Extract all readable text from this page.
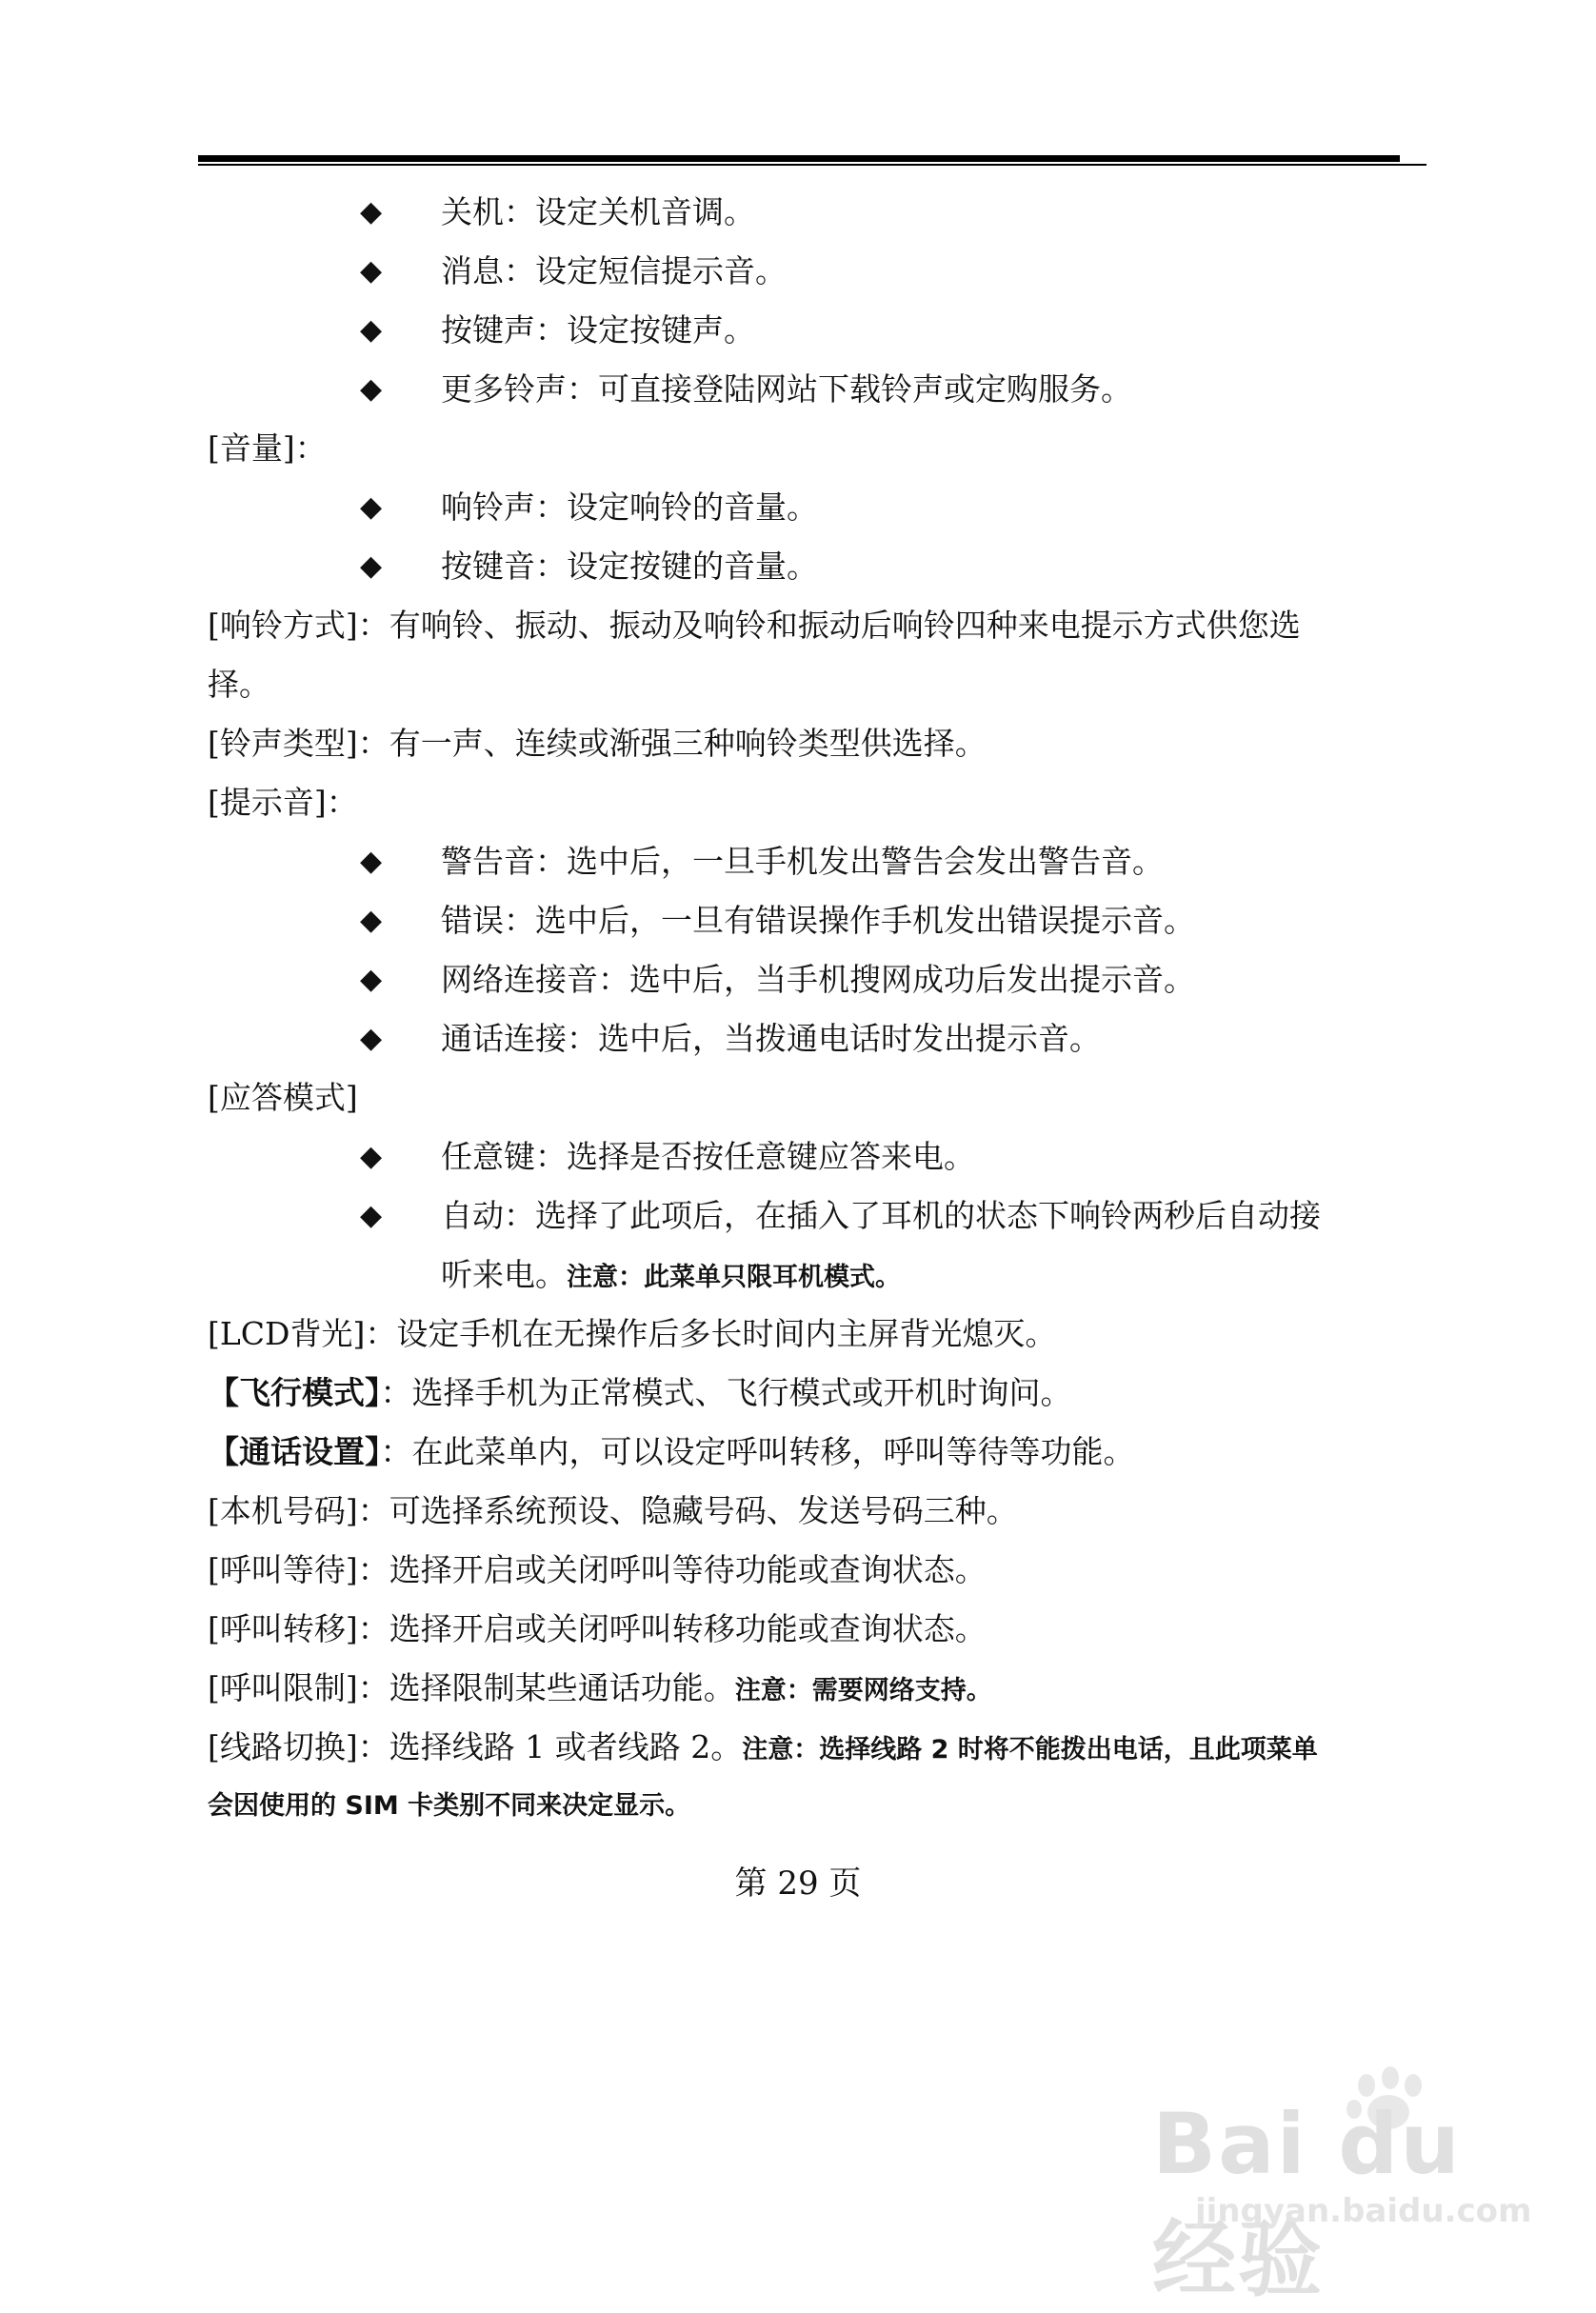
◆	关机：设定关机音调。
◆	消息：设定短信提示音。
◆	按键声：设定按键声。
◆	更多铃声：可直接登陆网站下载铃声或定购服务。
[音量]：
◆	响铃声：设定响铃的音量。
◆	按键音：设定按键的音量。
[响铃方式]：有响铃、振动、振动及响铃和振动后响铃四种来电提示方式供您选
择。
[铃声类型]：有一声、连续或渐强三种响铃类型供选择。
[提示音]：
◆	警告音：选中后，一旦手机发出警告会发出警告音。
◆	错误：选中后，一旦有错误操作手机发出错误提示音。
◆	网络连接音：选中后，当手机搜网成功后发出提示音。
◆	通话连接：选中后，当拨通电话时发出提示音。
[应答模式]
◆	任意键：选择是否按任意键应答来电。
◆	自动：选择了此项后，在插入了耳机的状态下响铃两秒后自动接
听来电。注意：此菜单只限耳机模式。
[LCD背光]：设定手机在无操作后多长时间内主屏背光熄灭。
【飞行模式】：选择手机为正常模式、飞行模式或开机时询问。
【通话设置】：在此菜单内，可以设定呼叫转移，呼叫等待等功能。
[本机号码]：可选择系统预设、隐藏号码、发送号码三种。
[呼叫等待]：选择开启或关闭呼叫等待功能或查询状态。
[呼叫转移]：选择开启或关闭呼叫转移功能或查询状态。
[呼叫限制]：选择限制某些通话功能。注意：需要网络支持。
[线路切换]：选择线路 1 或者线路 2。注意：选择线路 2 时将不能拨出电话，且此项菜单
会因使用的 SIM 卡类别不同来决定显示。
第 29 页
Bai du 经验
jingyan.baidu.com
